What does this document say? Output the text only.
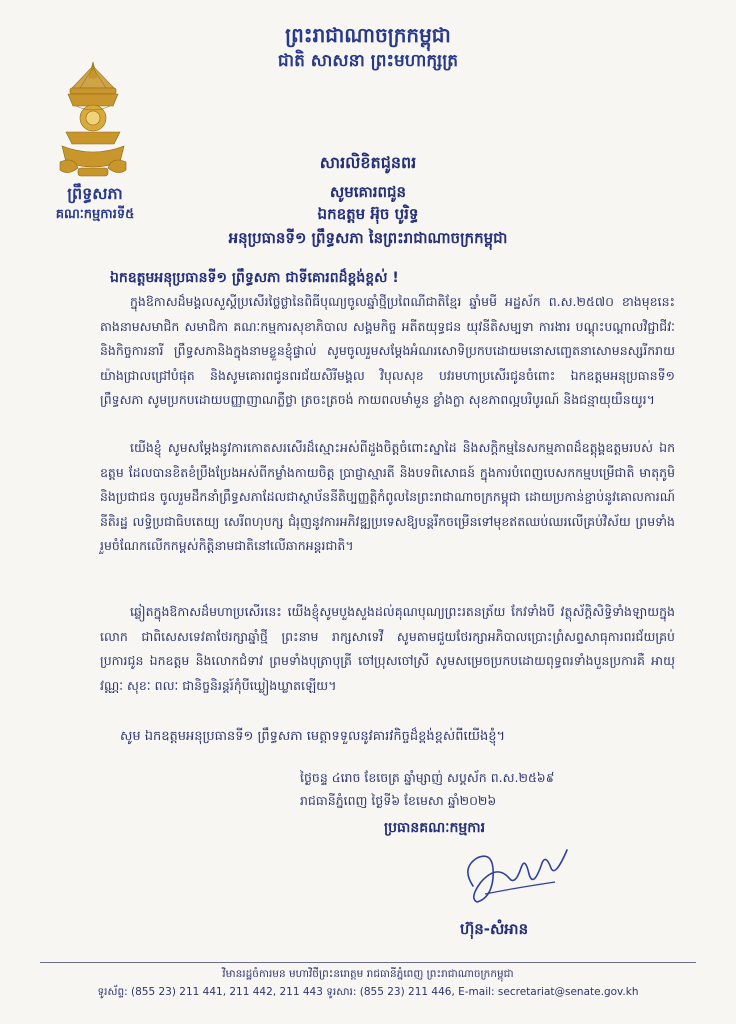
ព្រះរាជាណាចក្រកម្ពុជា
ជាតិ សាសនា ព្រះមហាក្សត្រ
ព្រឹទ្ធសភា
គណៈកម្មការទី៥
សារលិខិតជូនពរ
សូមគោរពជូន
ឯកឧត្តម អ៊ុច បូរិទ្ធ
អនុប្រធានទី១ ព្រឹទ្ធសភា នៃព្រះរាជាណាចក្រកម្ពុជា
ឯកឧត្តមអនុប្រធានទី១ ព្រឹទ្ធសភា ជាទីគោរពដ៏ខ្ពង់ខ្ពស់ !
ក្នុងឱកាសដ៏មង្គលសួស្តីប្រសើរថ្លៃថ្លានៃពិធីបុណ្យចូលឆ្នាំថ្មីប្រពៃណីជាតិខ្មែរ ឆ្នាំមមី អដ្ឋស័ក ព.ស.២៥៧០ ខាងមុខនេះ តាងនាមសមាជិក សមាជិកា គណៈកម្មការសុខាភិបាល សង្គមកិច្ច អតីតយុទ្ធជន យុវនីតិសម្បទា ការងារ បណ្តុះបណ្តាលវិជ្ជាជីវៈ និងកិច្ចការនារី ព្រឹទ្ធសភានិងក្នុងនាមខ្លួនខ្ញុំផ្ទាល់ សូមចូលរួមសម្តែងអំណរសោទិប្រកបដោយមនោសញ្ចេតនាសោមនស្សរីករាយយ៉ាងជ្រាលជ្រៅបំផុត និងសូមគោរពជូនពរជ័យសិរីមង្គល វិបុលសុខ បវរមហាប្រសើរជូនចំពោះ ឯកឧត្តមអនុប្រធានទី១ ព្រឹទ្ធសភា សូមប្រកបដោយបញ្ញាញាណភ្លឺថ្លា ត្រចះត្រចង់ កាយពលមាំមួន ខ្លាំងក្លា សុខភាពល្អបរិបូរណ៍ និងជន្មាយុយឺនយូរ។
យើងខ្ញុំ សូមសម្តែងនូវការកោតសរសើរដ៏ស្មោះអស់ពីដួងចិត្តចំពោះស្នាដៃ និងសក្តិកម្មនៃសកម្មភាពដ៏ឧត្តុង្គឧត្តមរបស់ ឯកឧត្តម ដែលបានខិតខំប្រឹងប្រែងអស់ពីកម្លាំងកាយចិត្ត ប្រាជ្ញាស្មារតី និងបទពិសោធន៍ ក្នុងការបំពេញបេសកកម្មបម្រើជាតិ មាតុភូមិ និងប្រជាជន ចូលរួមដឹកនាំព្រឹទ្ធសភាដែលជាស្ថាប័ននីតិប្បញ្ញត្តិកំពូលនៃព្រះរាជាណាចក្រកម្ពុជា ដោយប្រកាន់ខ្ជាប់នូវគោលការណ៍នីតិរដ្ឋ លទ្ធិប្រជាធិបតេយ្យ សេរីពហុបក្ស ជំរុញនូវការអភិវឌ្ឍប្រទេសឱ្យបន្តរីកចម្រើនទៅមុខឥតឈប់ឈរលើគ្រប់វិស័យ ព្រមទាំងរួមចំណែកលើកកម្ពស់កិត្តិនាមជាតិនៅលើឆាកអន្តរជាតិ។
ឆ្លៀតក្នុងឱកាសដ៏មហាប្រសើរនេះ យើងខ្ញុំសូមបួងសួងដល់គុណបុណ្យព្រះរតនត្រ័យ កែវទាំងបី វត្ថុស័ក្តិសិទ្ធិទាំងឡាយក្នុងលោក ជាពិសេសទេវតាថែរក្សាឆ្នាំថ្មី ព្រះនាម រាក្សសាទេវី សូមតាមជួយថែរក្សាអភិបាលប្រោះព្រំសព្ទសាធុការពរជ័យគ្រប់ប្រការជូន ឯកឧត្តម និងលោកជំទាវ ព្រមទាំងបុត្រាបុត្រី ចៅប្រុសចៅស្រី សូមសម្រេចប្រកបដោយពុទ្ធពរទាំងបួនប្រការគឺ អាយុ វណ្ណៈ សុខៈ ពលៈ ជានិច្ចនិរន្តរ៍កុំបីឃ្លៀងឃ្លាតឡើយ។
សូម ឯកឧត្តមអនុប្រធានទី១ ព្រឹទ្ធសភា មេត្តាទទួលនូវគារវកិច្ចដ៏ខ្ពង់ខ្ពស់ពីយើងខ្ញុំ។
ថ្ងៃចន្ទ ៤រោច ខែចេត្រ ឆ្នាំម្សាញ់ សប្តស័ក ព.ស.២៥៦៩
រាជធានីភ្នំពេញ ថ្ងៃទី៦ ខែមេសា ឆ្នាំ២០២៦
ប្រធានគណៈកម្មការ
ហ៊ុន-សំអាន
វិមានរដ្ឋចំការមន មហាវិថីព្រះនរោត្តម រាជធានីភ្នំពេញ ព្រះរាជាណាចក្រកម្ពុជា
ទូរស័ព្ទ: (855 23) 211 441, 211 442, 211 443 ទូរសារ: (855 23) 211 446, E-mail: secretariat@senate.gov.kh
